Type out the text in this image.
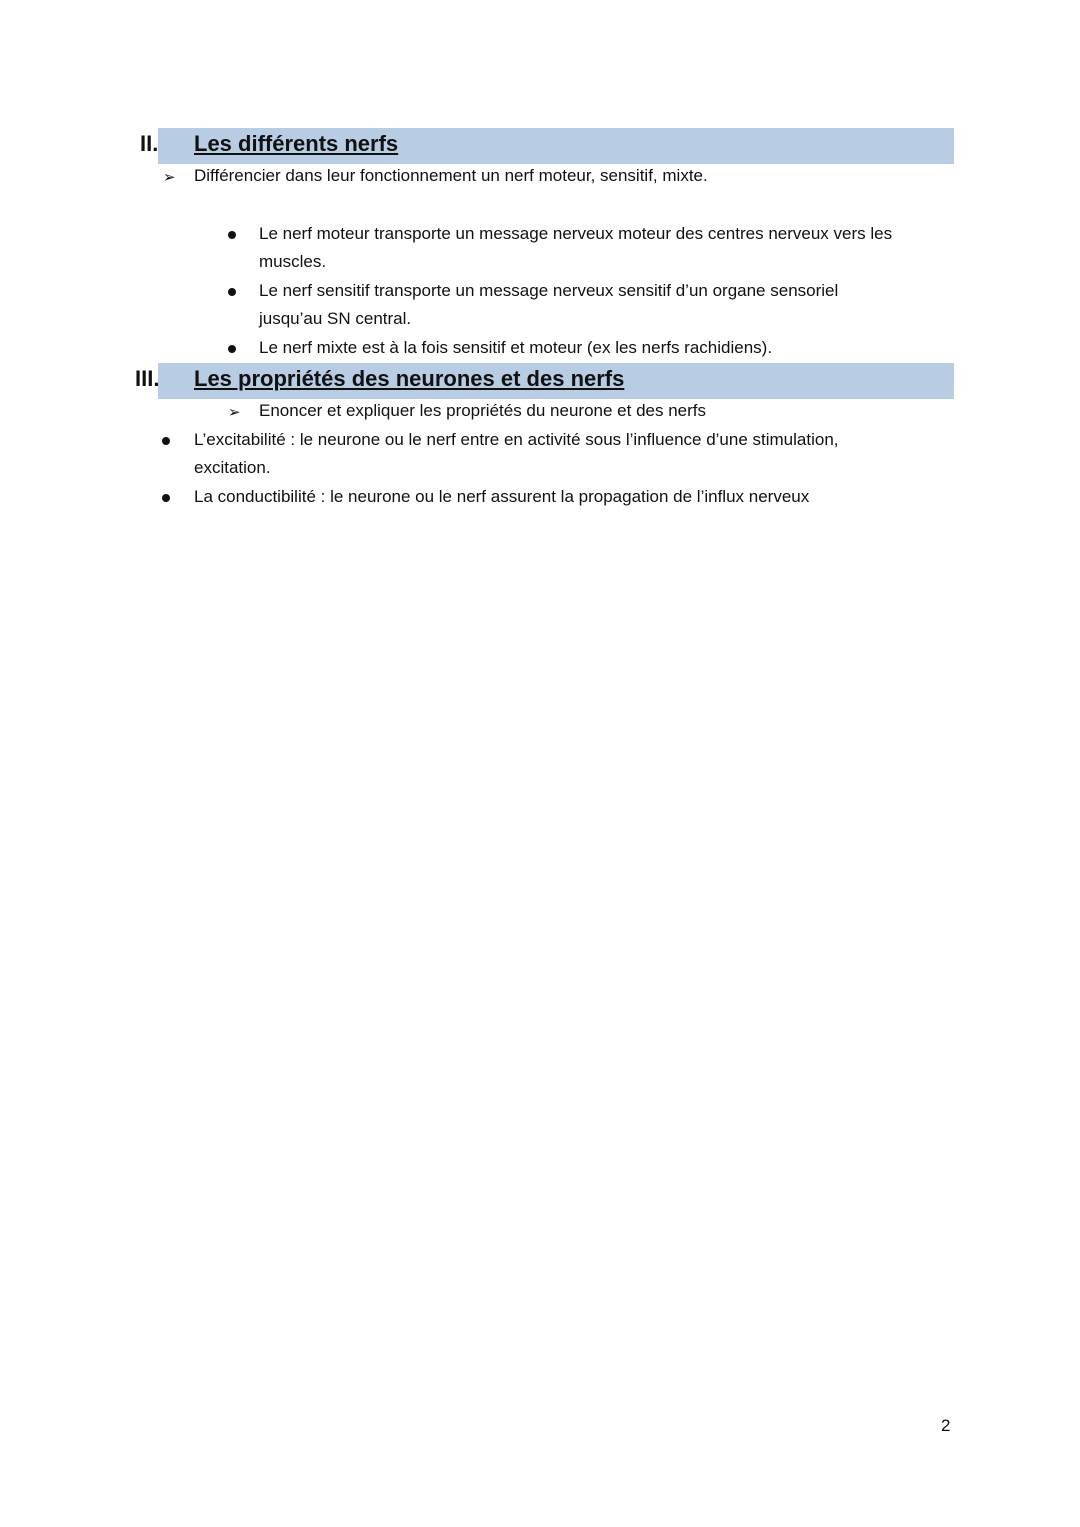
II. Les différents nerfs
➢ Différencier dans leur fonctionnement un nerf moteur, sensitif, mixte.
Le nerf moteur transporte un message nerveux moteur des centres nerveux vers les
muscles.
Le nerf sensitif transporte un message nerveux sensitif d’un organe sensoriel
jusqu’au SN central.
Le nerf mixte est à la fois sensitif et moteur (ex les nerfs rachidiens).
III. Les propriétés des neurones et des nerfs
➢ Enoncer et expliquer les propriétés du neurone et des nerfs
L’excitabilité : le neurone ou le nerf entre en activité sous l’influence d’une stimulation,
excitation.
La conductibilité : le neurone ou le nerf assurent la propagation de l’influx nerveux
2
